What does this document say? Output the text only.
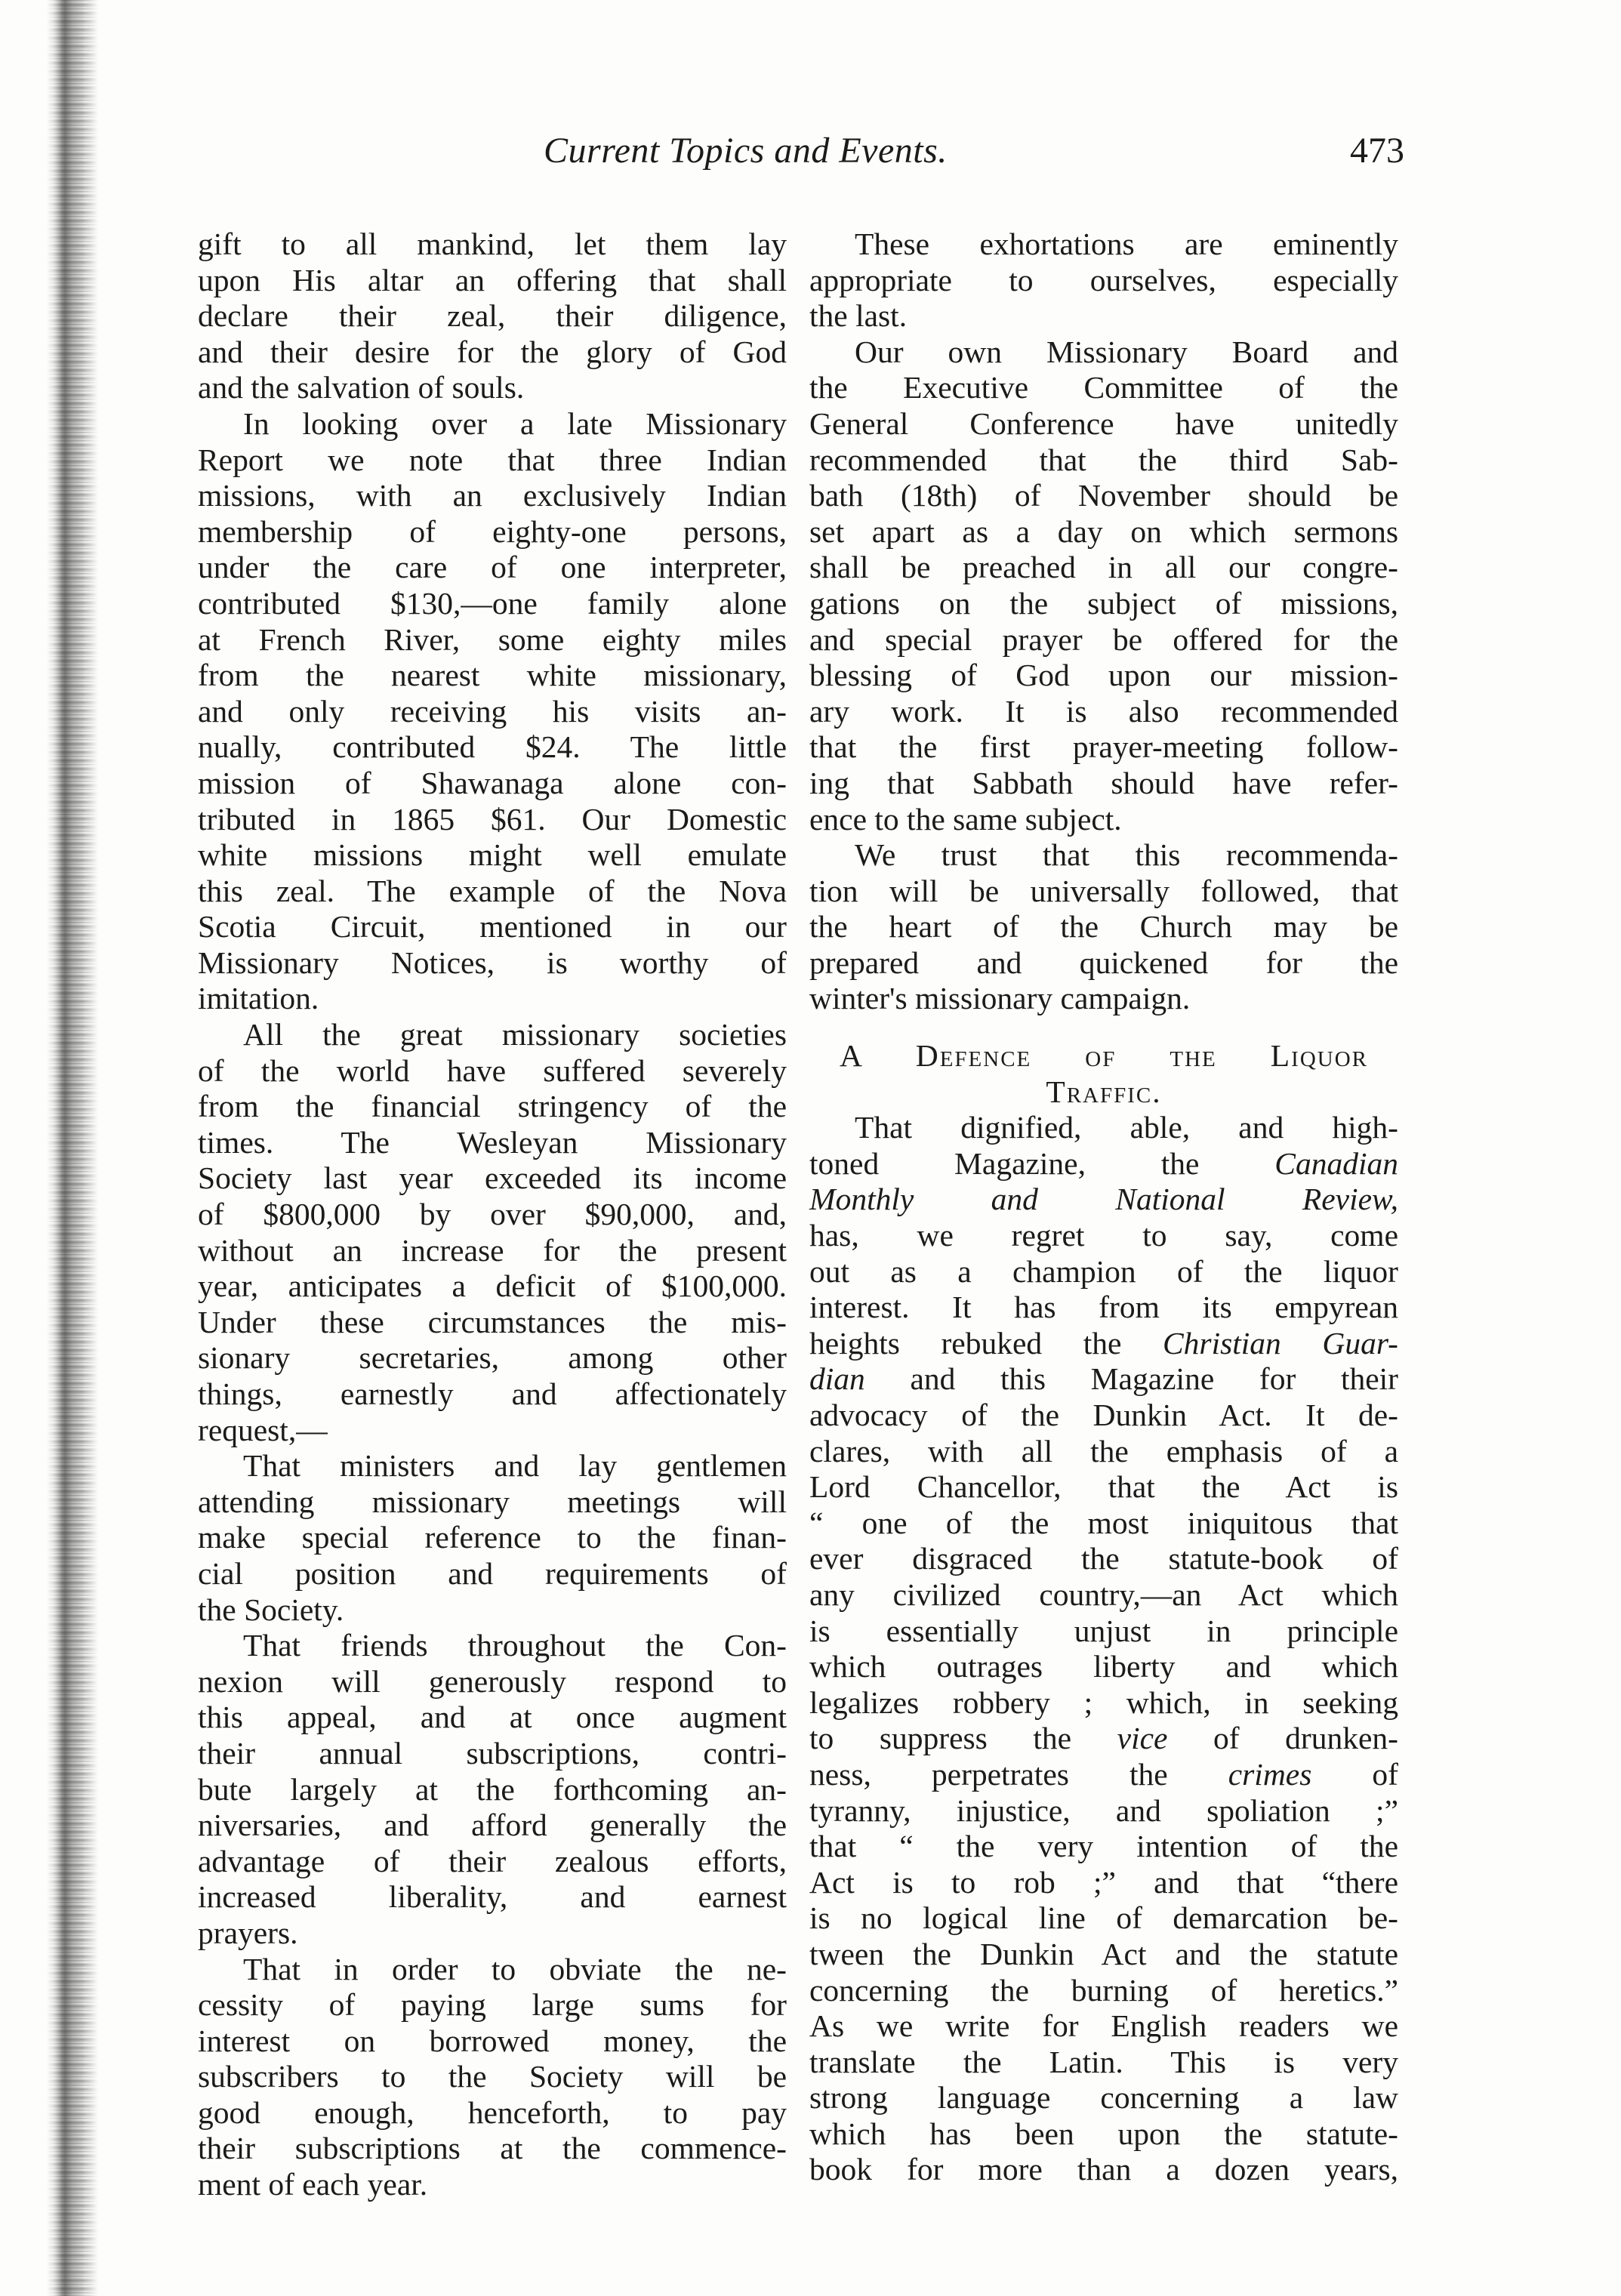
Current Topics and Events.	473
gift to all mankind, let them lay
upon His altar an offering that shall
declare their zeal, their diligence,
and their desire for the glory of God
and the salvation of souls.
In looking over a late Missionary
Report we note that three Indian
missions, with an exclusively Indian
membership of eighty-one persons,
under the care of one interpreter,
contributed $130,—one family alone
at French River, some eighty miles
from the nearest white missionary,
and only receiving his visits an-
nually, contributed $24. The little
mission of Shawanaga alone con-
tributed in 1865 $61. Our Domestic
white missions might well emulate
this zeal. The example of the Nova
Scotia Circuit, mentioned in our
Missionary Notices, is worthy of
imitation.
All the great missionary societies
of the world have suffered severely
from the financial stringency of the
times. The Wesleyan Missionary
Society last year exceeded its income
of $800,000 by over $90,000, and,
without an increase for the present
year, anticipates a deficit of $100,000.
Under these circumstances the mis-
sionary secretaries, among other
things, earnestly and affectionately
request,—
That ministers and lay gentlemen
attending missionary meetings will
make special reference to the finan-
cial position and requirements of
the Society.
That friends throughout the Con-
nexion will generously respond to
this appeal, and at once augment
their annual subscriptions, contri-
bute largely at the forthcoming an-
niversaries, and afford generally the
advantage of their zealous efforts,
increased liberality, and earnest
prayers.
That in order to obviate the ne-
cessity of paying large sums for
interest on borrowed money, the
subscribers to the Society will be
good enough, henceforth, to pay
their subscriptions at the commence-
ment of each year.
These exhortations are eminently
appropriate to ourselves, especially
the last.
Our own Missionary Board and
the Executive Committee of the
General Conference have unitedly
recommended that the third Sab-
bath (18th) of November should be
set apart as a day on which sermons
shall be preached in all our congre-
gations on the subject of missions,
and special prayer be offered for the
blessing of God upon our mission-
ary work. It is also recommended
that the first prayer-meeting follow-
ing that Sabbath should have refer-
ence to the same subject.
We trust that this recommenda-
tion will be universally followed, that
the heart of the Church may be
prepared and quickened for the
winter's missionary campaign.
A Defence of the Liquor
Traffic.
That dignified, able, and high-
toned Magazine, the Canadian
Monthly and National Review,
has, we regret to say, come
out as a champion of the liquor
interest. It has from its empyrean
heights rebuked the Christian Guar-
dian and this Magazine for their
advocacy of the Dunkin Act. It de-
clares, with all the emphasis of a
Lord Chancellor, that the Act is
“ one of the most iniquitous that
ever disgraced the statute-book of
any civilized country,—an Act which
is essentially unjust in principle
which outrages liberty and which
legalizes robbery ; which, in seeking
to suppress the vice of drunken-
ness, perpetrates the crimes of
tyranny, injustice, and spoliation ;”
that “ the very intention of the
Act is to rob ;” and that “there
is no logical line of demarcation be-
tween the Dunkin Act and the statute
concerning the burning of heretics.”
As we write for English readers we
translate the Latin. This is very
strong language concerning a law
which has been upon the statute-
book for more than a dozen years,
